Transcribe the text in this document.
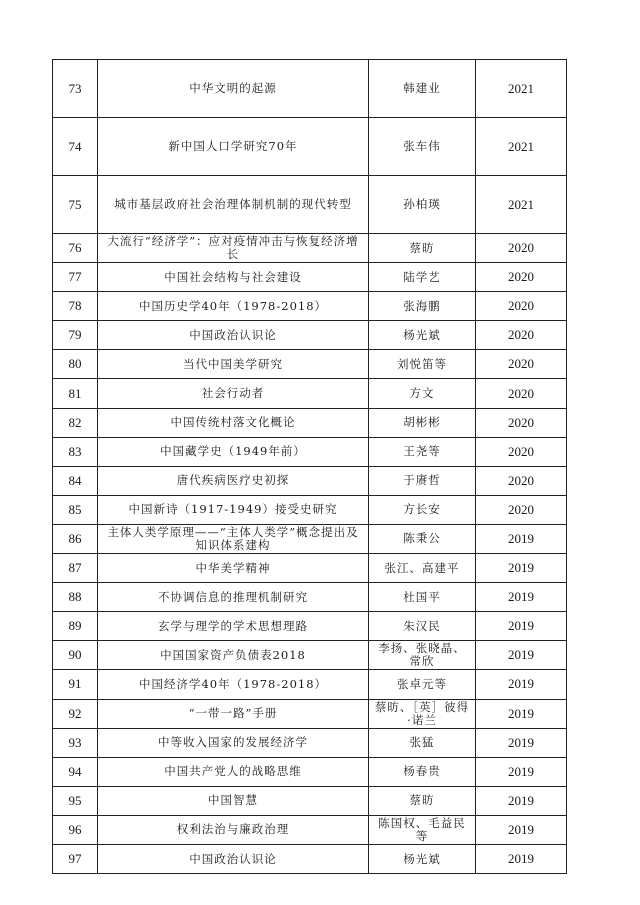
73	中华文明的起源	韩建业	2021
74	新中国人口学研究70年	张车伟	2021
75	城市基层政府社会治理体制机制的现代转型	孙柏瑛	2021
76	大流行“经济学”：应对疫情冲击与恢复经济增长	蔡昉	2020
77	中国社会结构与社会建设	陆学艺	2020
78	中国历史学40年（1978-2018）	张海鹏	2020
79	中国政治认识论	杨光斌	2020
80	当代中国美学研究	刘悦笛等	2020
81	社会行动者	方文	2020
82	中国传统村落文化概论	胡彬彬	2020
83	中国藏学史（1949年前）	王尧等	2020
84	唐代疾病医疗史初探	于赓哲	2020
85	中国新诗（1917-1949）接受史研究	方长安	2020
86	主体人类学原理——“主体人类学”概念提出及知识体系建构	陈秉公	2019
87	中华美学精神	张江、高建平	2019
88	不协调信息的推理机制研究	杜国平	2019
89	玄学与理学的学术思想理路	朱汉民	2019
90	中国国家资产负债表2018	李扬、张晓晶、常欣	2019
91	中国经济学40年（1978-2018）	张卓元等	2019
92	“一带一路”手册	蔡昉、［英］彼得·诺兰	2019
93	中等收入国家的发展经济学	张猛	2019
94	中国共产党人的战略思维	杨春贵	2019
95	中国智慧	蔡昉	2019
96	权利法治与廉政治理	陈国权、毛益民等	2019
97	中国政治认识论	杨光斌	2019
